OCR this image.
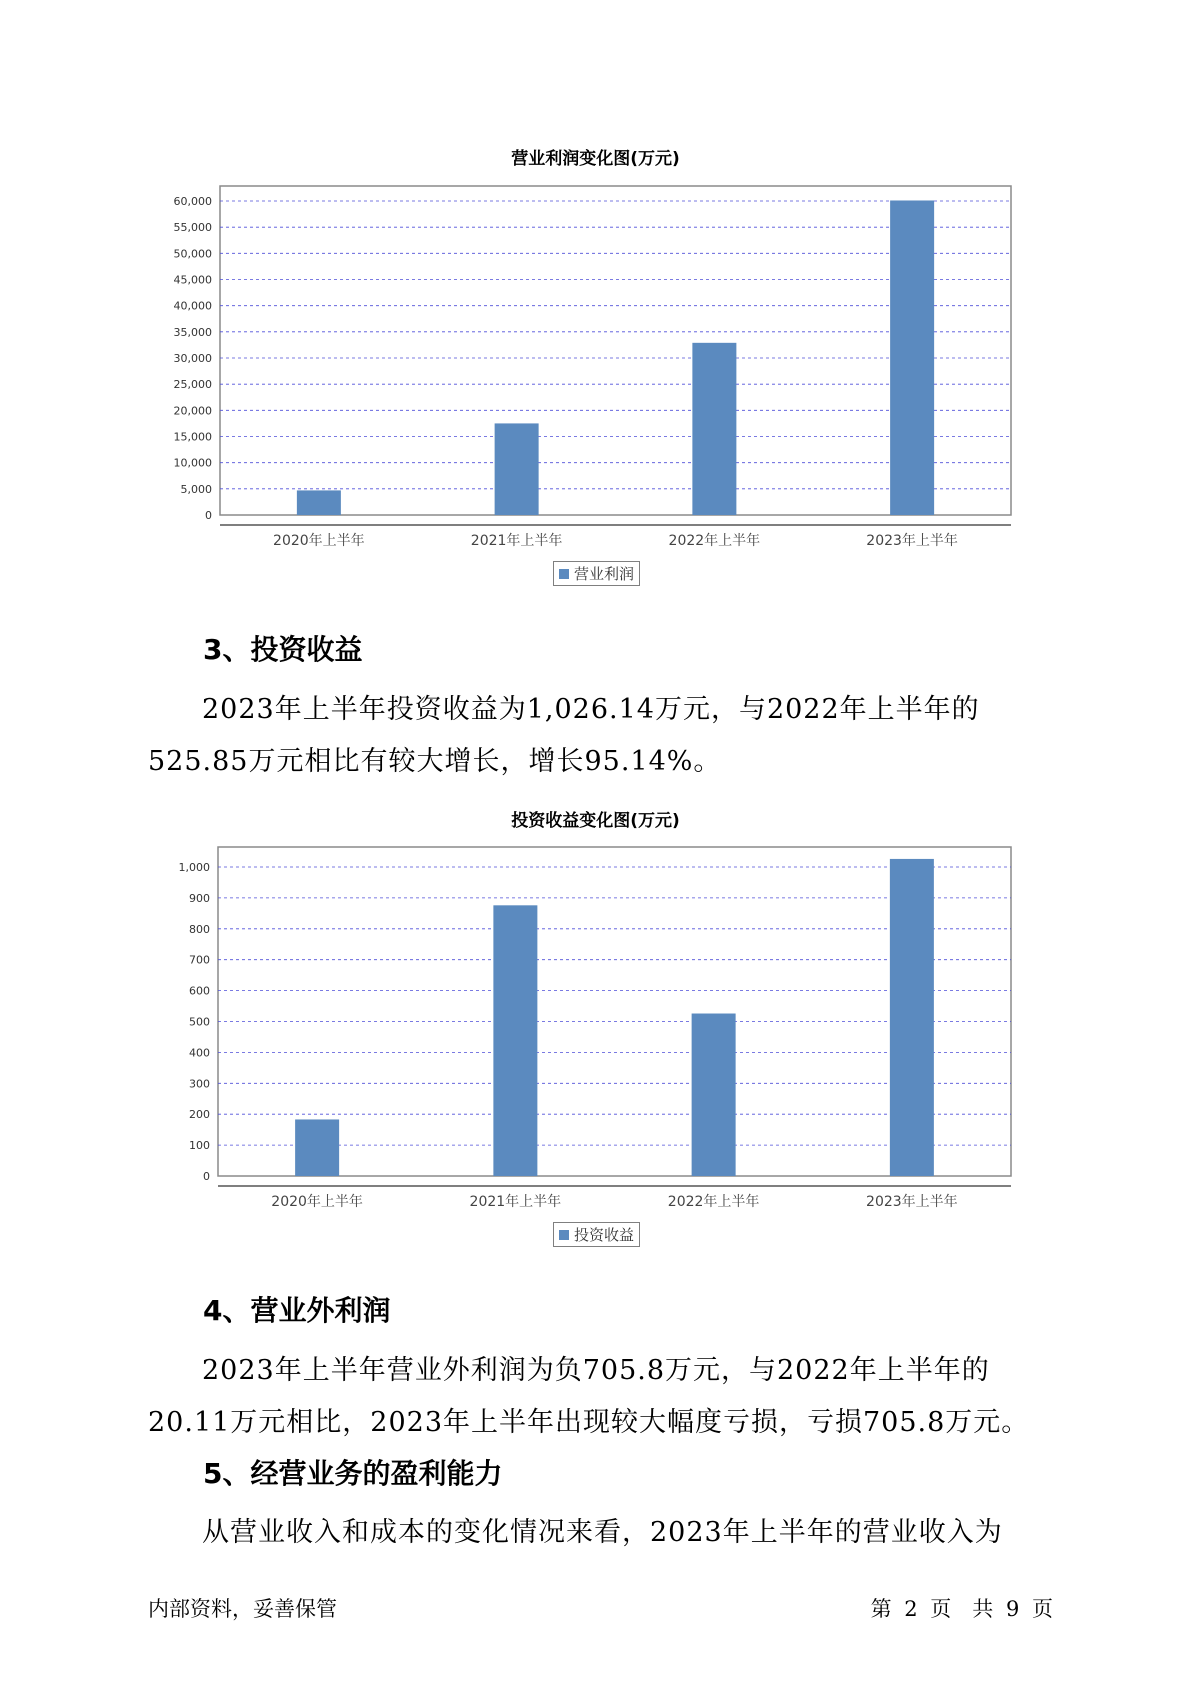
营业利润变化图(万元)
0
5,000
10,000
15,000
20,000
25,000
30,000
35,000
40,000
45,000
50,000
55,000
60,000
2020年上半年	2021年上半年	2022年上半年	2023年上半年
营业利润
3、投资收益

2023年上半年投资收益为1,026.14万元，与2022年上半年的525.85万元相比有较大增长，增长95.14%。

投资收益变化图(万元)
0
100
200
300
400
500
600
700
800
900
1,000
2020年上半年	2021年上半年	2022年上半年	2023年上半年
投资收益
4、营业外利润

2023年上半年营业外利润为负705.8万元，与2022年上半年的20.11万元相比，2023年上半年出现较大幅度亏损，亏损705.8万元。

5、经营业务的盈利能力

从营业收入和成本的变化情况来看，2023年上半年的营业收入为

内部资料，妥善保管	第 2 页　共 9 页
